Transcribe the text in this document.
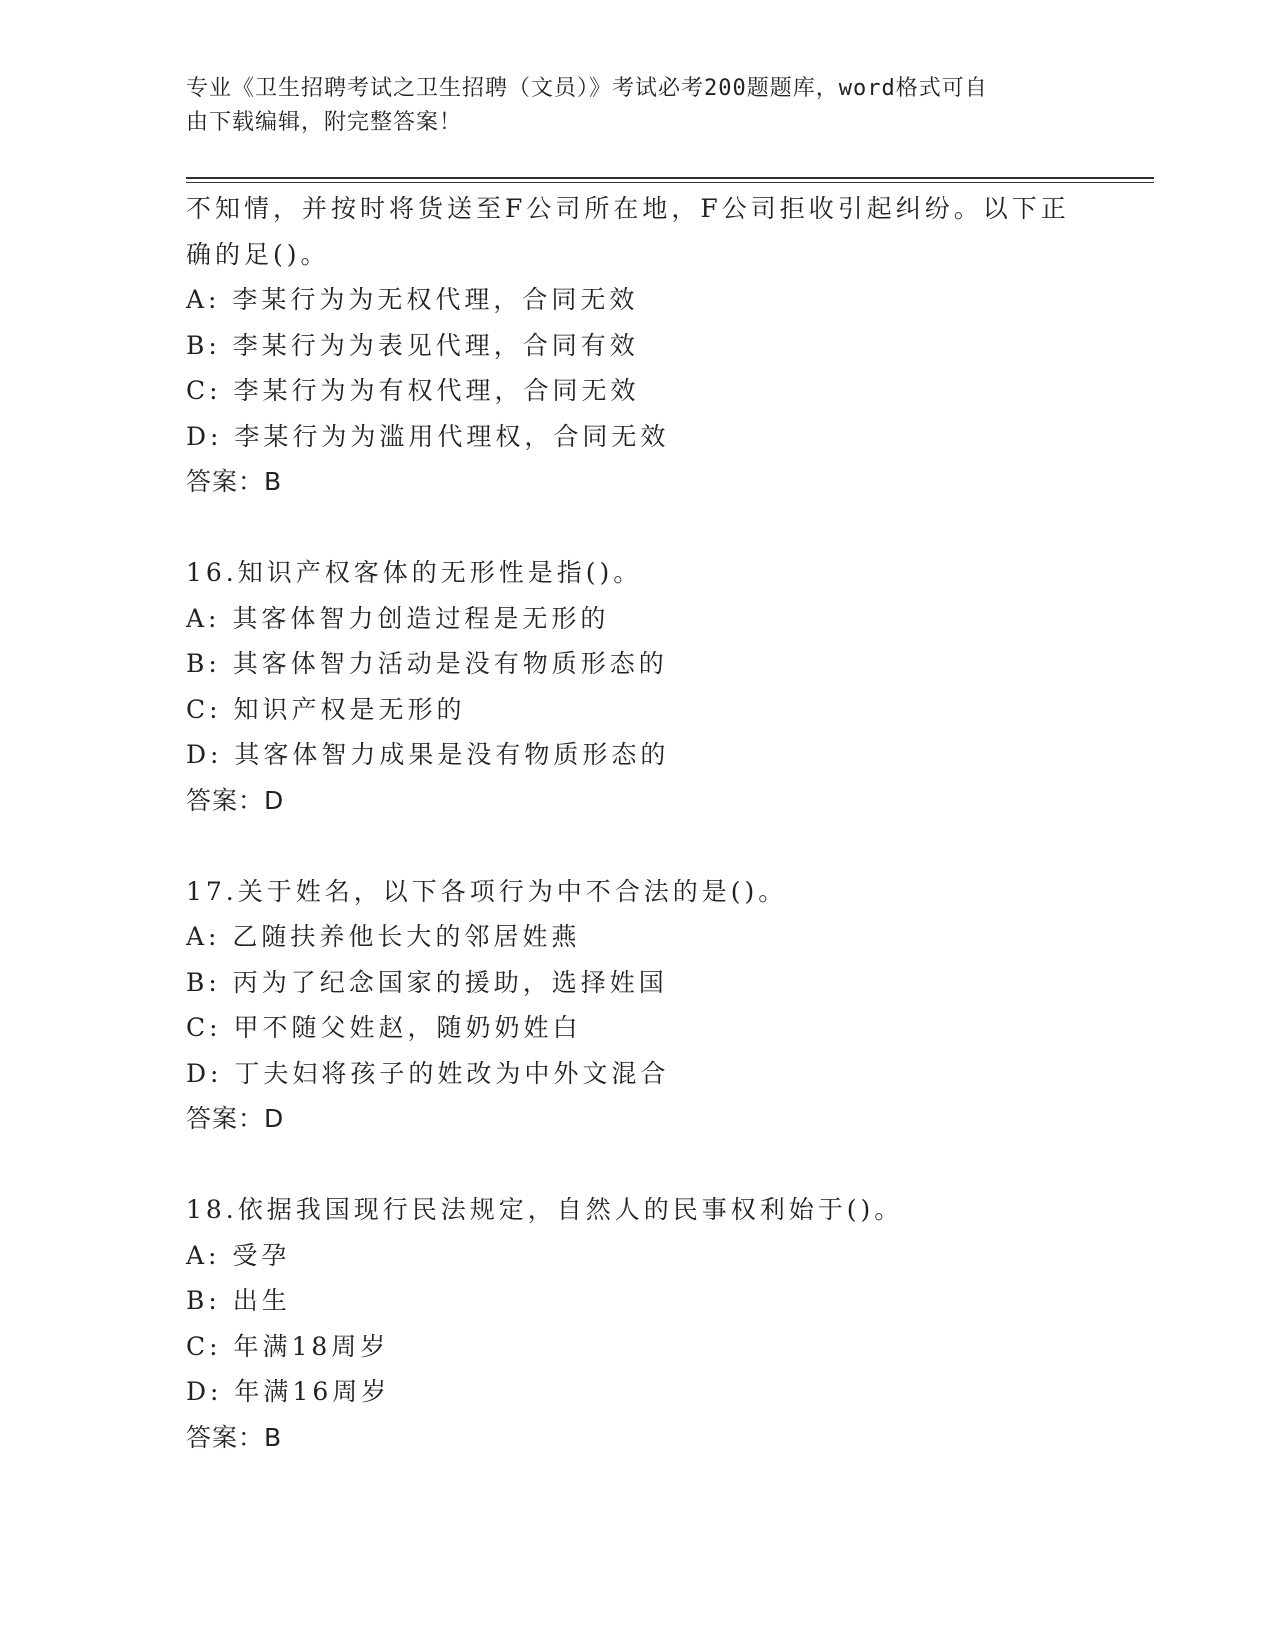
专业《卫生招聘考试之卫生招聘（文员）》考试必考200题题库，word格式可自
由下载编辑，附完整答案！
不知情，并按时将货送至F公司所在地，F公司拒收引起纠纷。以下正
确的足()。
A: 李某行为为无权代理，合同无效
B: 李某行为为表见代理，合同有效
C: 李某行为为有权代理，合同无效
D: 李某行为为滥用代理权，合同无效
答案：B
16.知识产权客体的无形性是指()。
A: 其客体智力创造过程是无形的
B: 其客体智力活动是没有物质形态的
C: 知识产权是无形的
D: 其客体智力成果是没有物质形态的
答案：D
17.关于姓名，以下各项行为中不合法的是()。
A: 乙随扶养他长大的邻居姓燕
B: 丙为了纪念国家的援助，选择姓国
C: 甲不随父姓赵，随奶奶姓白
D: 丁夫妇将孩子的姓改为中外文混合
答案：D
18.依据我国现行民法规定，自然人的民事权利始于()。
A: 受孕
B: 出生
C: 年满18周岁
D: 年满16周岁
答案：B
